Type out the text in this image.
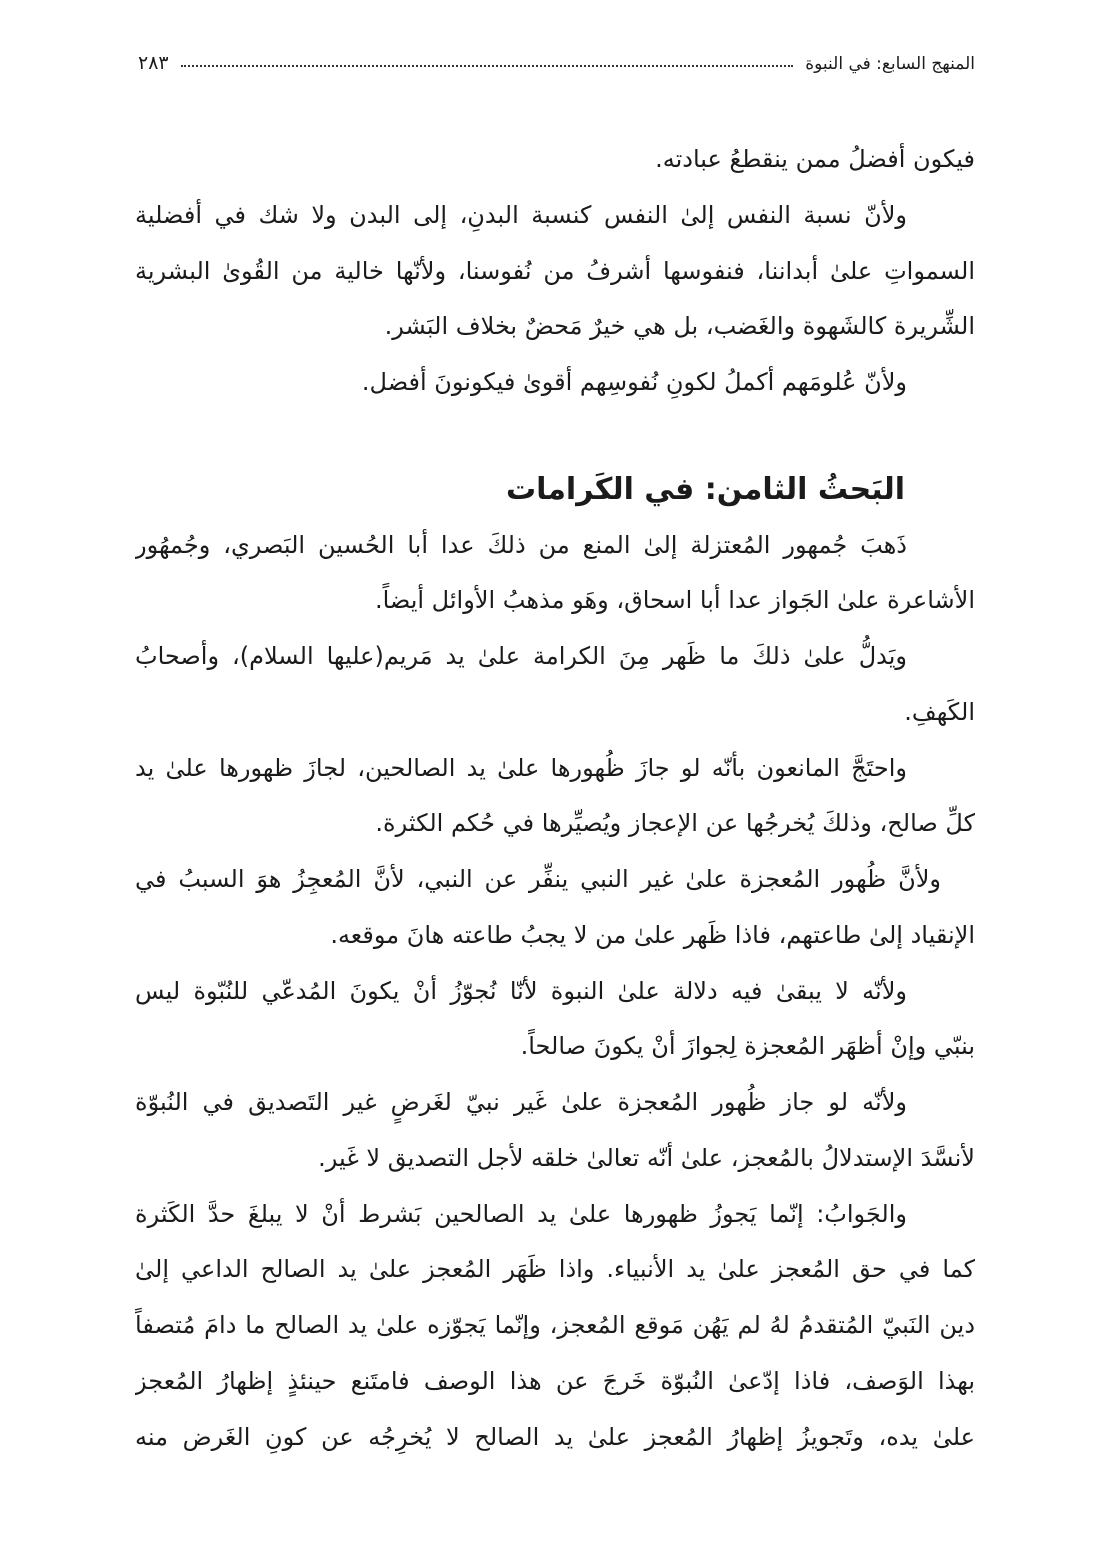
المنهج السابع: في النبوة
٢٨٣
فيكون أفضلُ ممن ينقطعُ عبادته.
ولأنّ نسبة النفس إلىٰ النفس كنسبة البدنِ، إلى البدن ولا شك في أفضلية
السمواتِ علىٰ أبداننا، فنفوسها أشرفُ من نُفوسنا، ولأنّها خالية من القُوىٰ البشرية
الشِّريرة كالشَهوة والغَضب، بل هي خيرٌ مَحضٌ بخلاف البَشر.
ولأنّ عُلومَهم أكملُ لكونِ نُفوسِهم أقوىٰ فيكونونَ أفضل.
البَحثُ الثامن: في الكَرامات
ذَهبَ جُمهور المُعتزلة إلىٰ المنع من ذلكَ عدا أبا الحُسين البَصري، وجُمهُور
الأشاعرة علىٰ الجَواز عدا أبا اسحاق، وهَو مذهبُ الأوائل أيضاً.
ويَدلُّ علىٰ ذلكَ ما ظَهر مِنَ الكرامة علىٰ يد مَريم(عليها السلام)، وأصحابُ
الكَهفِ.
واحتَجَّ المانعون بأنّه لو جازَ ظُهورها علىٰ يد الصالحين، لجازَ ظهورها علىٰ يد
كلِّ صالح، وذلكَ يُخرجُها عن الإعجاز ويُصيِّرها في حُكم الكثرة.
ولأنَّ ظُهور المُعجزة علىٰ غير النبي ينفِّر عن النبي، لأنَّ المُعجِزُ هوَ السببُ في
الإنقياد إلىٰ طاعتهم، فاذا ظَهر علىٰ من لا يجبُ طاعته هانَ موقعه.
ولأنّه لا يبقىٰ فيه دلالة علىٰ النبوة لأنّا نُجوّزُ أنْ يكونَ المُدعّي للنُبّوة ليس
بنبّي وإنْ أظهَر المُعجزة لِجوازَ أنْ يكونَ صالحاً.
ولأنّه لو جاز ظُهور المُعجزة علىٰ غَير نبيّ لغَرضٍ غير التَصديق في النُبوّة
لأنسَّدَ الإستدلالُ بالمُعجز، علىٰ أنّه تعالىٰ خلقه لأجل التصديق لا غَير.
والجَوابُ: إنّما يَجوزُ ظهورها علىٰ يد الصالحين بَشرط أنْ لا يبلغَ حدَّ الكَثرة
كما في حق المُعجز علىٰ يد الأنبياء. واذا ظَهَر المُعجز علىٰ يد الصالح الداعي إلىٰ
دين النَبيّ المُتقدمُ لهُ لم يَهُن مَوقع المُعجز، وإنّما يَجوّزه علىٰ يد الصالح ما دامَ مُتصفاً
بهذا الوَصف، فاذا إدّعىٰ النُبوّة خَرجَ عن هذا الوصف فامتَنع حينئذٍ إظهارُ المُعجز
علىٰ يده، وتَجويزُ إظهارُ المُعجز علىٰ يد الصالح لا يُخرِجُه عن كونِ الغَرض منه
